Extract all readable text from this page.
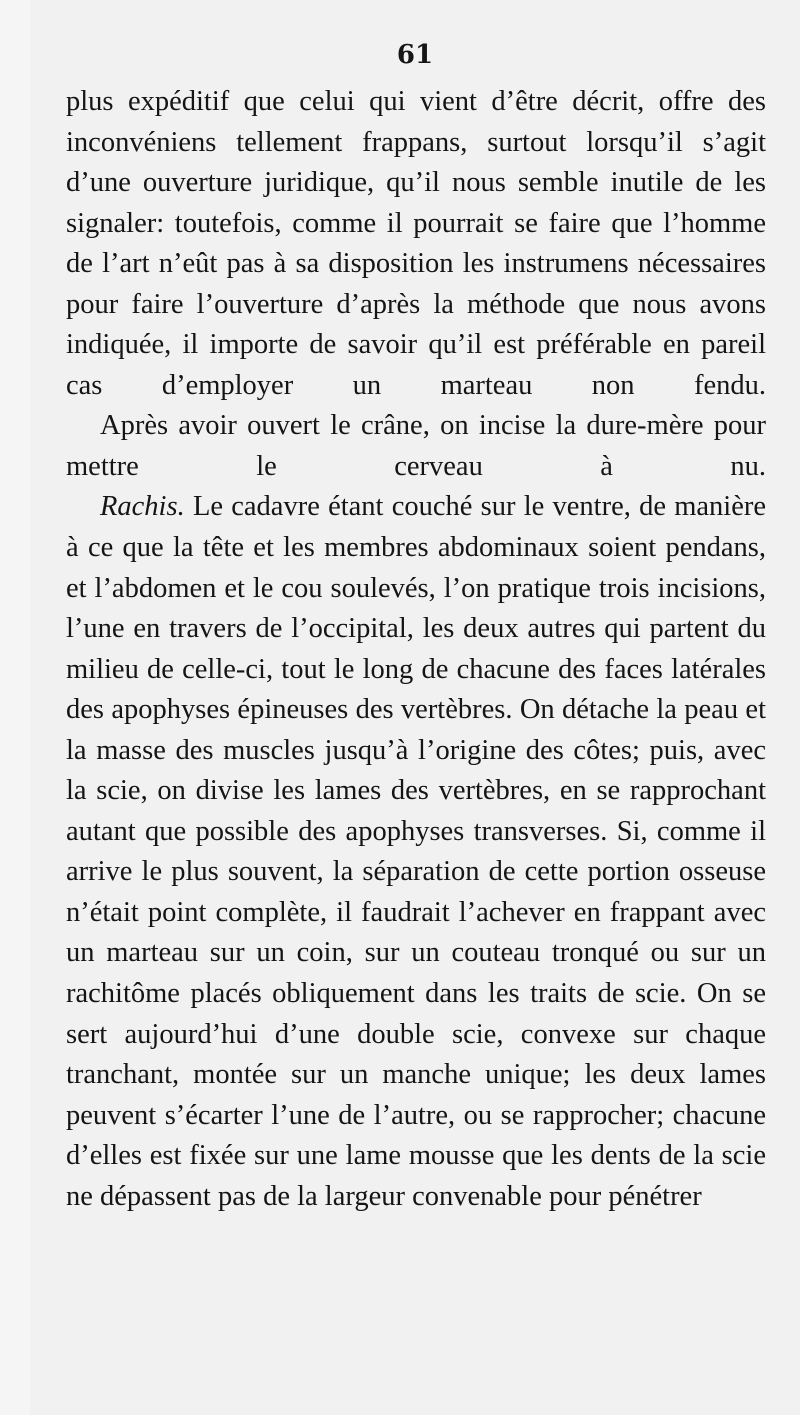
61

plus expéditif que celui qui vient d’être décrit, offre des inconvéniens tellement frappans, surtout lorsqu’il s’agit d’une ouverture juridique, qu’il nous semble inutile de les signaler: toutefois, comme il pourrait se faire que l’homme de l’art n’eût pas à sa disposition les instrumens nécessaires pour faire l’ouverture d’après la méthode que nous avons indiquée, il importe de savoir qu’il est préférable en pareil cas d’employer un marteau non fendu.

Après avoir ouvert le crâne, on incise la dure-mère pour mettre le cerveau à nu.

Rachis. Le cadavre étant couché sur le ventre, de manière à ce que la tête et les membres abdominaux soient pendans, et l’abdomen et le cou soulevés, l’on pratique trois incisions, l’une en travers de l’occipital, les deux autres qui partent du milieu de celle-ci, tout le long de chacune des faces latérales des apophyses épineuses des vertèbres. On détache la peau et la masse des muscles jusqu’à l’origine des côtes; puis, avec la scie, on divise les lames des vertèbres, en se rapprochant autant que possible des apophyses transverses. Si, comme il arrive le plus souvent, la séparation de cette portion osseuse n’était point complète, il faudrait l’achever en frappant avec un marteau sur un coin, sur un couteau tronqué ou sur un rachitôme placés obliquement dans les traits de scie. On se sert aujourd’hui d’une double scie, convexe sur chaque tranchant, montée sur un manche unique; les deux lames peuvent s’écarter l’une de l’autre, ou se rapprocher; chacune d’elles est fixée sur une lame mousse que les dents de la scie ne dépassent pas de la largeur convenable pour pénétrer
